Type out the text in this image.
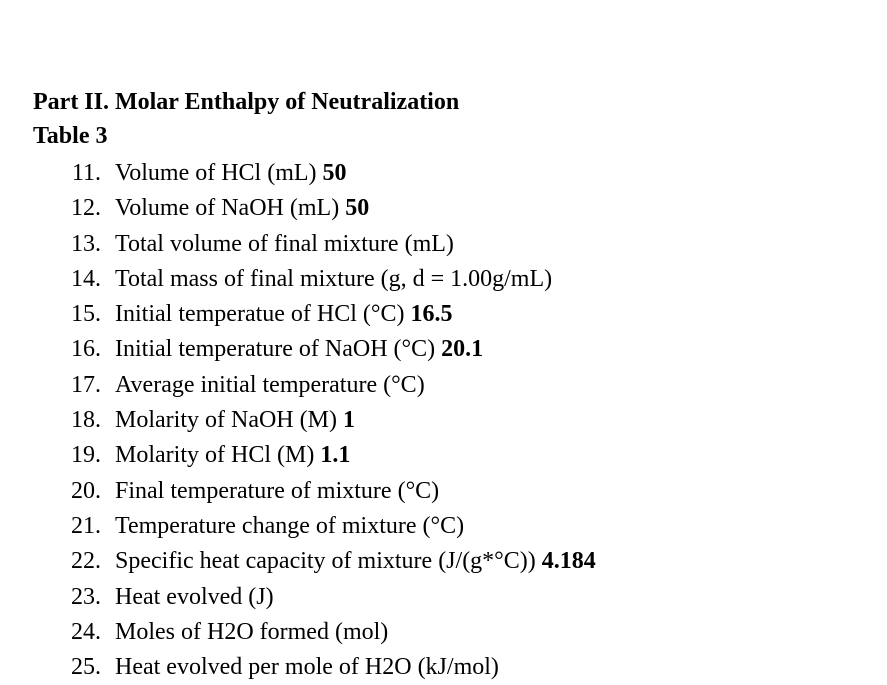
Part II. Molar Enthalpy of Neutralization
Table 3
11. Volume of HCl (mL) 50
12. Volume of NaOH (mL) 50
13. Total volume of final mixture (mL)
14. Total mass of final mixture (g, d = 1.00g/mL)
15. Initial temperatue of HCl (°C) 16.5
16. Initial temperature of NaOH (°C) 20.1
17. Average initial temperature (°C)
18. Molarity of NaOH (M) 1
19. Molarity of HCl (M) 1.1
20. Final temperature of mixture (°C)
21. Temperature change of mixture (°C)
22. Specific heat capacity of mixture (J/(g*°C)) 4.184
23. Heat evolved (J)
24. Moles of H2O formed (mol)
25. Heat evolved per mole of H2O (kJ/mol)
